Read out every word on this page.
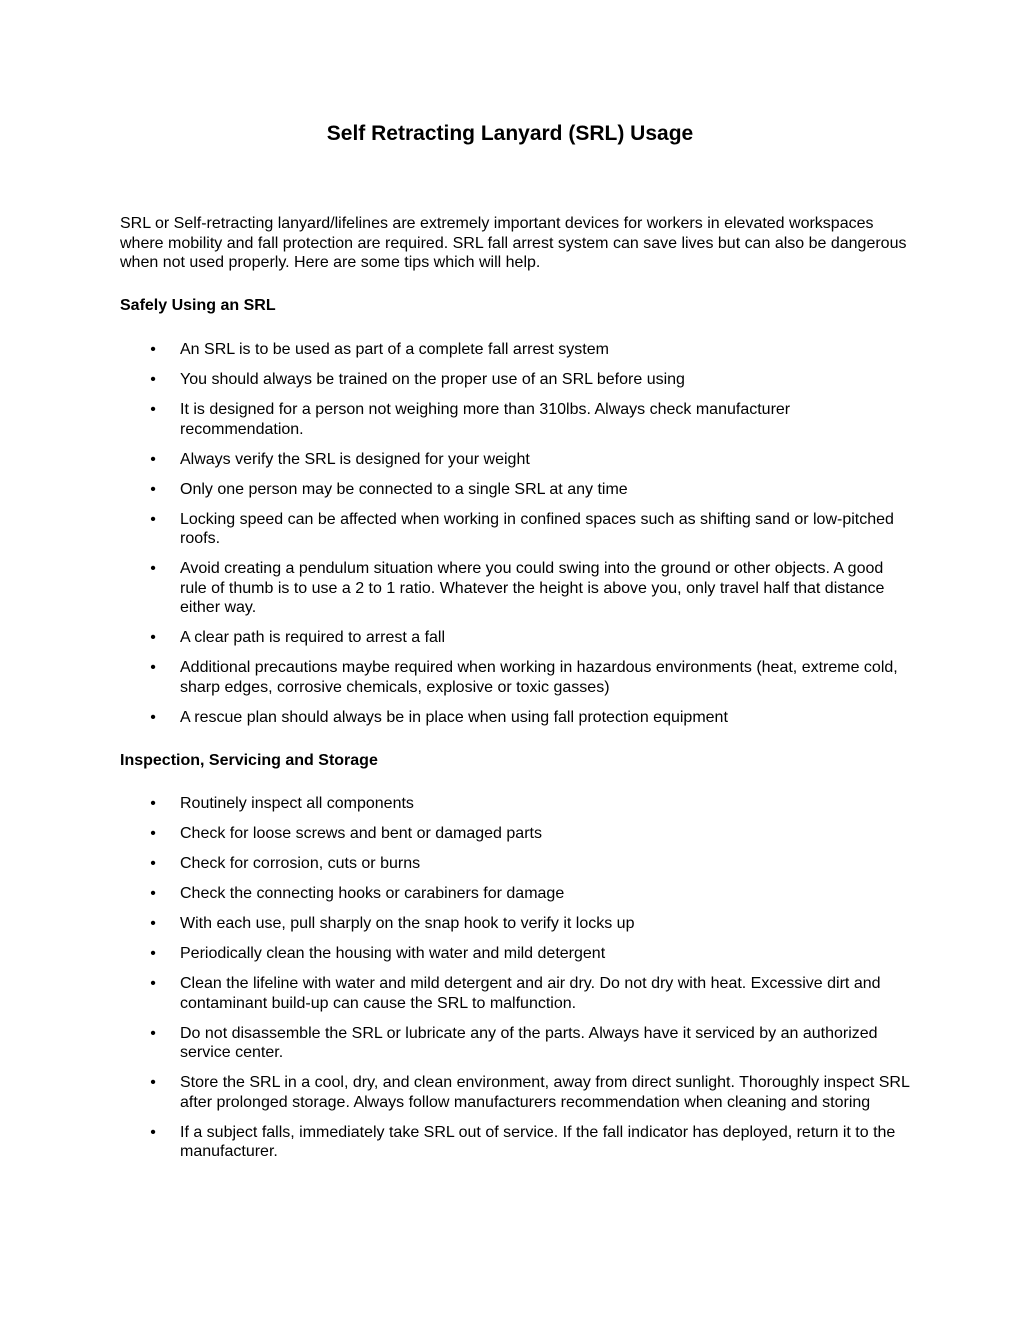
Self Retracting Lanyard (SRL) Usage

SRL or Self-retracting lanyard/lifelines are extremely important devices for workers in elevated workspaces where mobility and fall protection are required. SRL fall arrest system can save lives but can also be dangerous when not used properly. Here are some tips which will help.

Safely Using an SRL
• An SRL is to be used as part of a complete fall arrest system
• You should always be trained on the proper use of an SRL before using
• It is designed for a person not weighing more than 310lbs. Always check manufacturer recommendation.
• Always verify the SRL is designed for your weight
• Only one person may be connected to a single SRL at any time
• Locking speed can be affected when working in confined spaces such as shifting sand or low-pitched roofs.
• Avoid creating a pendulum situation where you could swing into the ground or other objects. A good rule of thumb is to use a 2 to 1 ratio. Whatever the height is above you, only travel half that distance either way.
• A clear path is required to arrest a fall
• Additional precautions maybe required when working in hazardous environments (heat, extreme cold, sharp edges, corrosive chemicals, explosive or toxic gasses)
• A rescue plan should always be in place when using fall protection equipment
Inspection, Servicing and Storage
• Routinely inspect all components
• Check for loose screws and bent or damaged parts
• Check for corrosion, cuts or burns
• Check the connecting hooks or carabiners for damage
• With each use, pull sharply on the snap hook to verify it locks up
• Periodically clean the housing with water and mild detergent
• Clean the lifeline with water and mild detergent and air dry. Do not dry with heat. Excessive dirt and contaminant build-up can cause the SRL to malfunction.
• Do not disassemble the SRL or lubricate any of the parts. Always have it serviced by an authorized service center.
• Store the SRL in a cool, dry, and clean environment, away from direct sunlight. Thoroughly inspect SRL after prolonged storage. Always follow manufacturers recommendation when cleaning and storing
• If a subject falls, immediately take SRL out of service. If the fall indicator has deployed, return it to the manufacturer.
